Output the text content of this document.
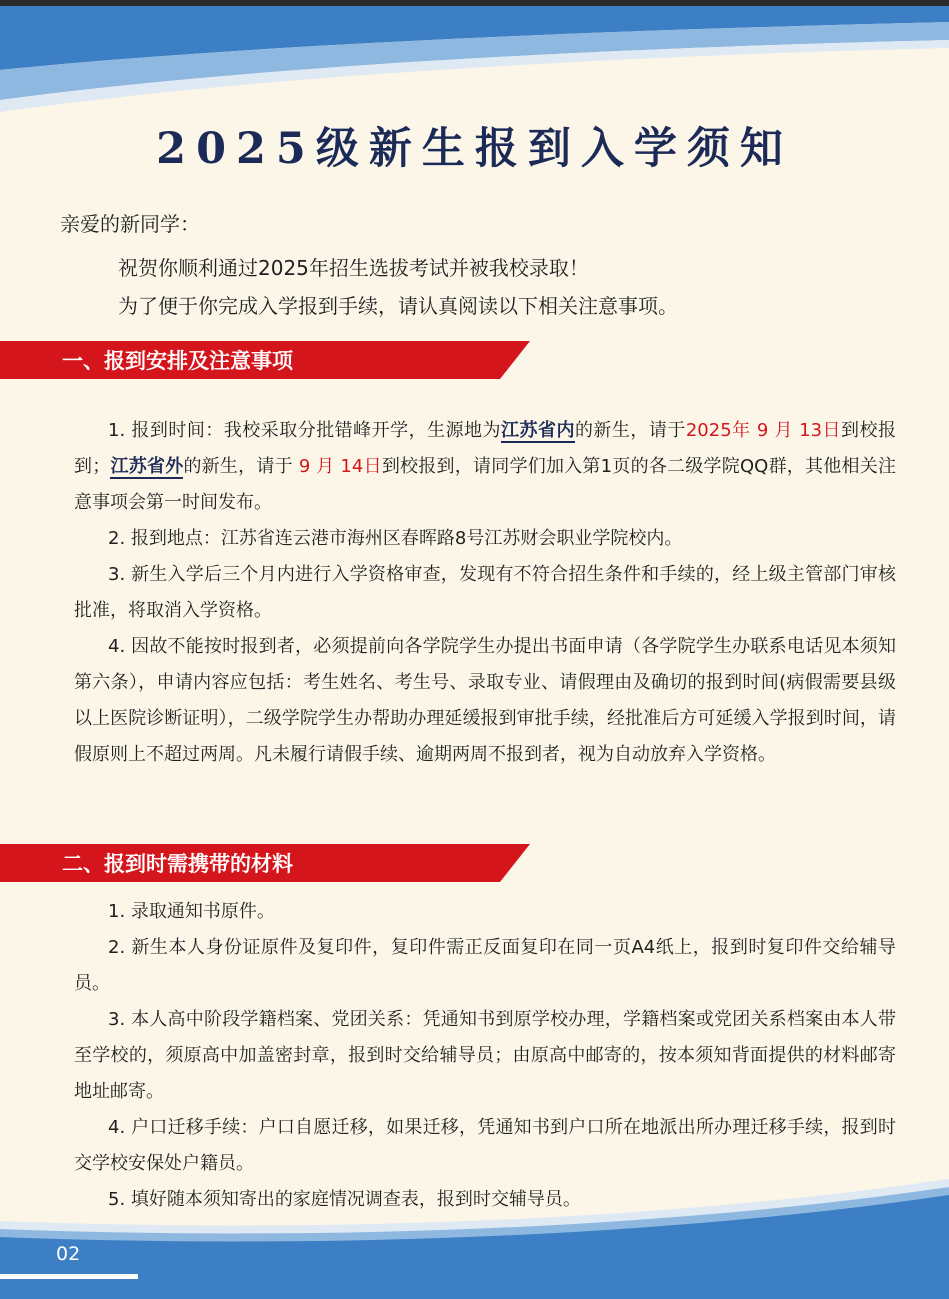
2025级新生报到入学须知
亲爱的新同学：
祝贺你顺利通过2025年招生选拔考试并被我校录取！
为了便于你完成入学报到手续，请认真阅读以下相关注意事项。
一、报到安排及注意事项

1. 报到时间：我校采取分批错峰开学，生源地为江苏省内的新生，请于2025年 9 月 13日到校报到；江苏省外的新生，请于 9 月 14日到校报到，请同学们加入第1页的各二级学院QQ群，其他相关注意事项会第一时间发布。

2. 报到地点：江苏省连云港市海州区春晖路8号江苏财会职业学院校内。

3. 新生入学后三个月内进行入学资格审查，发现有不符合招生条件和手续的，经上级主管部门审核批准，将取消入学资格。

4. 因故不能按时报到者，必须提前向各学院学生办提出书面申请（各学院学生办联系电话见本须知第六条），申请内容应包括：考生姓名、考生号、录取专业、请假理由及确切的报到时间(病假需要县级以上医院诊断证明），二级学院学生办帮助办理延缓报到审批手续，经批准后方可延缓入学报到时间，请假原则上不超过两周。凡未履行请假手续、逾期两周不报到者，视为自动放弃入学资格。

二、报到时需携带的材料

1. 录取通知书原件。

2. 新生本人身份证原件及复印件，复印件需正反面复印在同一页A4纸上，报到时复印件交给辅导员。

3. 本人高中阶段学籍档案、党团关系：凭通知书到原学校办理，学籍档案或党团关系档案由本人带至学校的，须原高中加盖密封章，报到时交给辅导员；由原高中邮寄的，按本须知背面提供的材料邮寄地址邮寄。

4. 户口迁移手续：户口自愿迁移，如果迁移，凭通知书到户口所在地派出所办理迁移手续，报到时交学校安保处户籍员。

5. 填好随本须知寄出的家庭情况调查表，报到时交辅导员。

02
